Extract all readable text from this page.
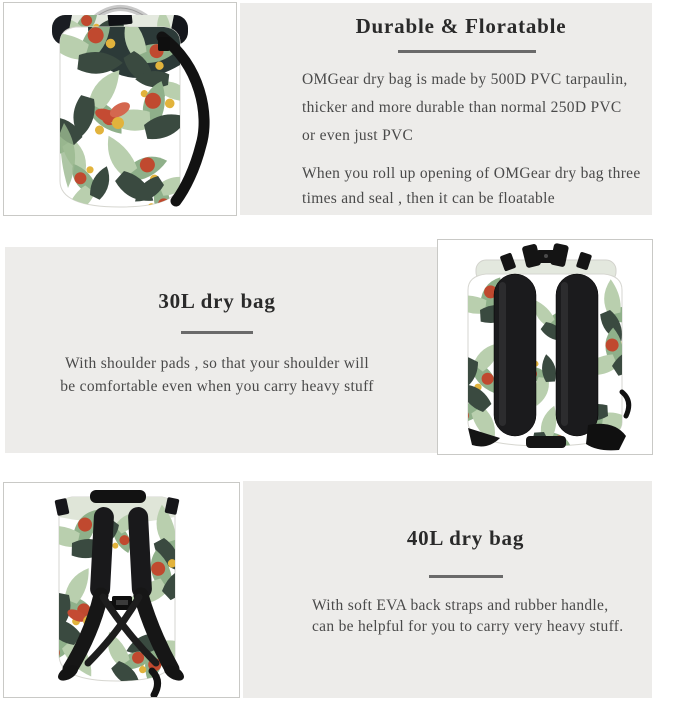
Durable & Floratable
OMGear dry bag is made by 500D PVC tarpaulin,
thicker and more durable than normal 250D PVC
or even just PVC
When you roll up opening of OMGear dry bag three
times and seal , then it can be floatable
30L dry bag
With shoulder pads , so that your shoulder will
be comfortable even when you carry heavy stuff
40L dry bag
With soft EVA back straps and rubber handle,
can be helpful for you to carry very heavy stuff.
